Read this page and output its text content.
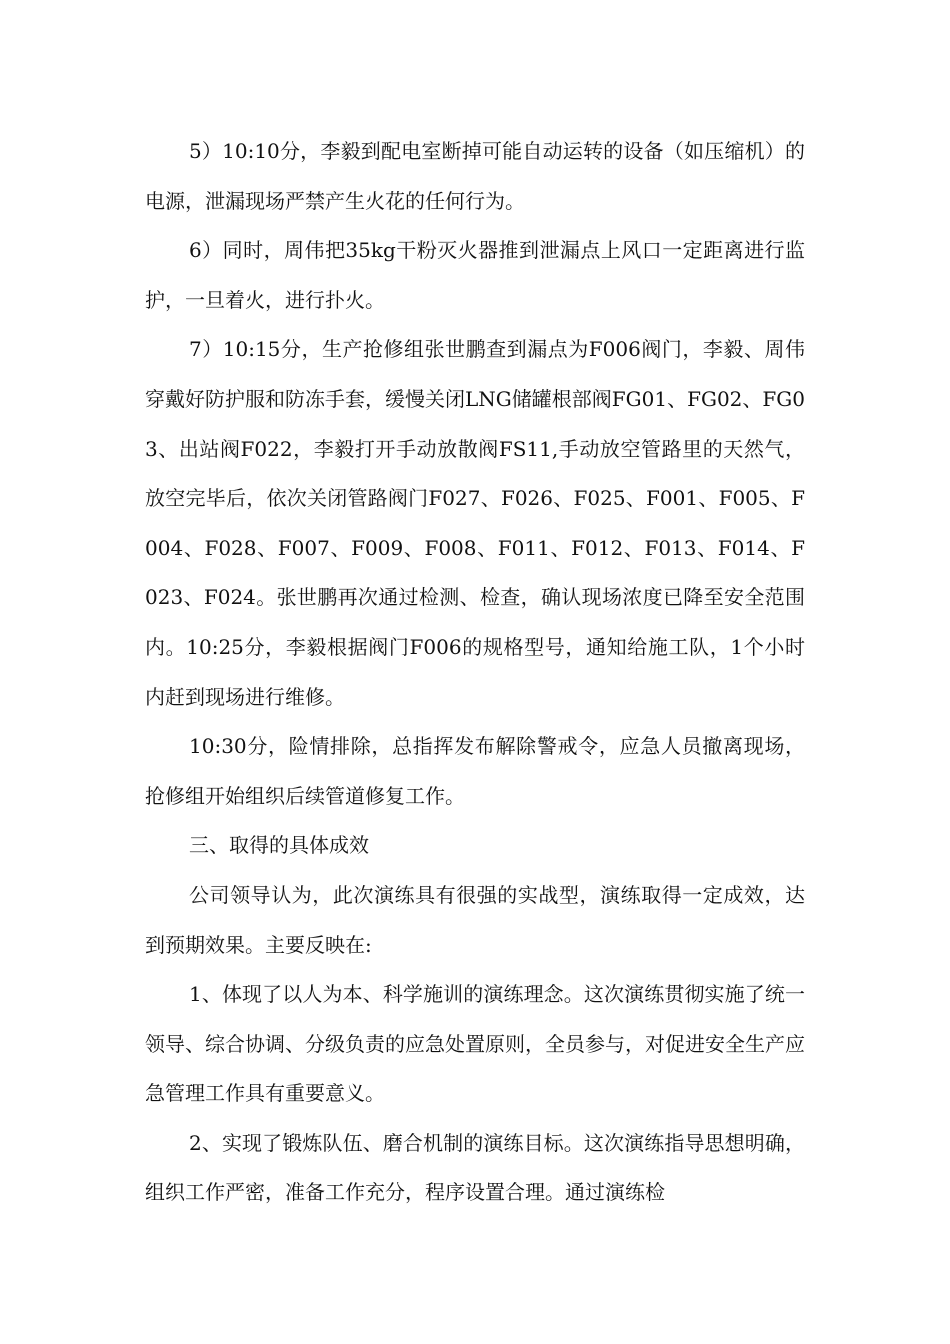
5）10:10分，李毅到配电室断掉可能自动运转的设备（如压缩机）的电源，泄漏现场严禁产生火花的任何行为。

6）同时，周伟把35kg干粉灭火器推到泄漏点上风口一定距离进行监护，一旦着火，进行扑火。

7）10:15分，生产抢修组张世鹏查到漏点为F006阀门，李毅、周伟穿戴好防护服和防冻手套，缓慢关闭LNG储罐根部阀FG01、FG02、FG03、出站阀F022，李毅打开手动放散阀FS11,手动放空管路里的天然气，放空完毕后，依次关闭管路阀门F027、F026、F025、F001、F005、F004、F028、F007、F009、F008、F011、F012、F013、F014、F023、F024。张世鹏再次通过检测、检查，确认现场浓度已降至安全范围内。10:25分，李毅根据阀门F006的规格型号，通知给施工队，1个小时内赶到现场进行维修。

10:30分，险情排除，总指挥发布解除警戒令，应急人员撤离现场，抢修组开始组织后续管道修复工作。

三、取得的具体成效

公司领导认为，此次演练具有很强的实战型，演练取得一定成效，达到预期效果。主要反映在:

1、体现了以人为本、科学施训的演练理念。这次演练贯彻实施了统一领导、综合协调、分级负责的应急处置原则，全员参与，对促进安全生产应急管理工作具有重要意义。

2、实现了锻炼队伍、磨合机制的演练目标。这次演练指导思想明确，组织工作严密，准备工作充分，程序设置合理。通过演练检
